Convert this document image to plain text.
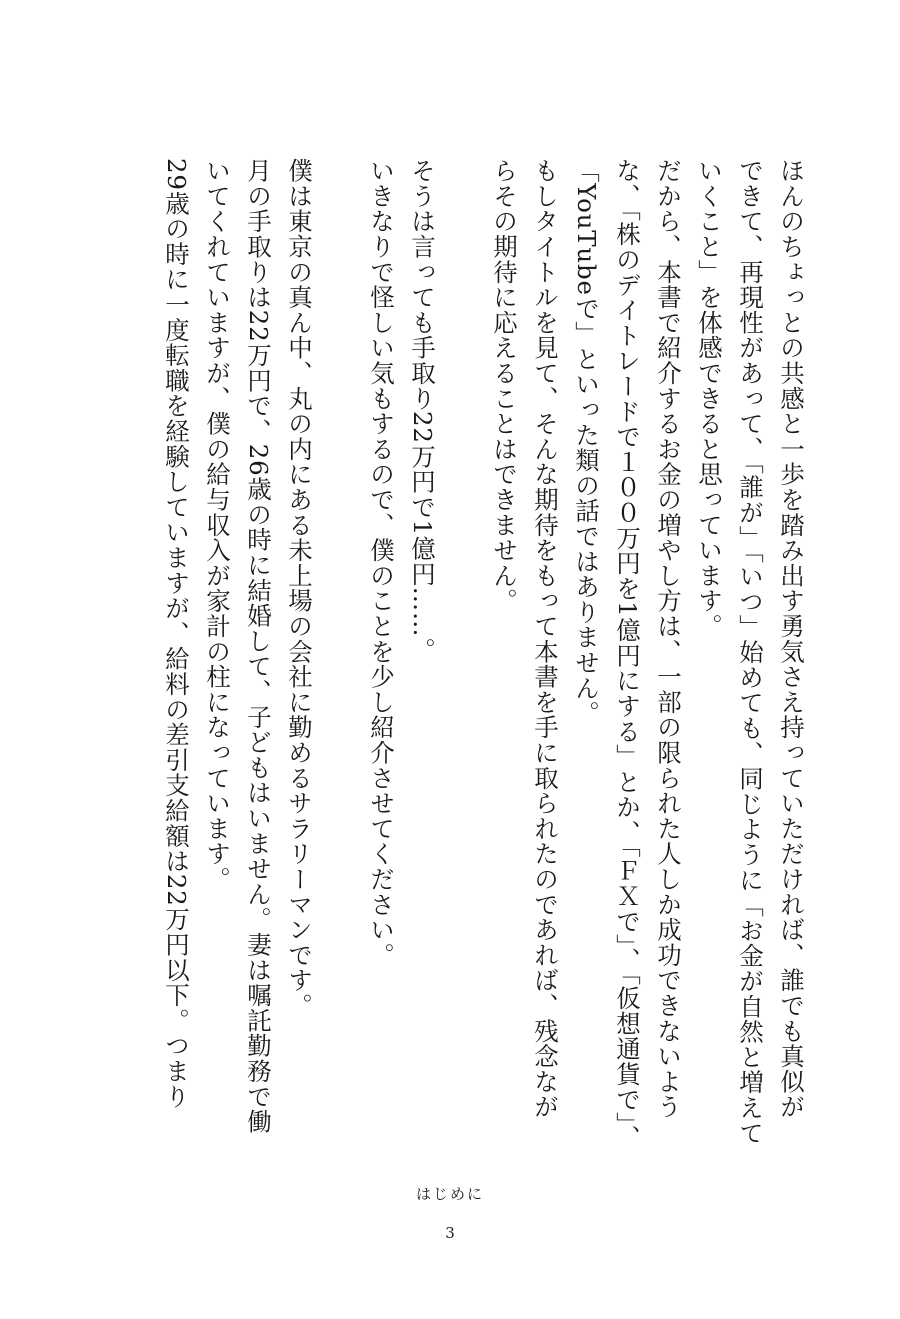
ほんのちょっとの共感と一歩を踏み出す勇気さえ持っていただければ、誰でも真似が
できて、再現性があって、「誰が」「いつ」始めても、同じように「お金が自然と増えて
いくこと」を体感できると思っています。
だから、本書で紹介するお金の増やし方は、一部の限られた人しか成功できないよう
な、「株のデイトレードで１００万円を1億円にする」とか、「ＦＸで」、「仮想通貨で」、
「YouTubeで」といった類の話ではありません。
もしタイトルを見て、そんな期待をもって本書を手に取られたのであれば、残念なが
らその期待に応えることはできません。
そうは言っても手取り22万円で1億円……。
いきなりで怪しい気もするので、僕のことを少し紹介させてください。
僕は東京の真ん中、丸の内にある未上場の会社に勤めるサラリーマンです。
月の手取りは22万円で、26歳の時に結婚して、子どもはいません。妻は嘱託勤務で働
いてくれていますが、僕の給与収入が家計の柱になっています。
29歳の時に一度転職を経験していますが、給料の差引支給額は22万円以下。つまり
はじめに
3
